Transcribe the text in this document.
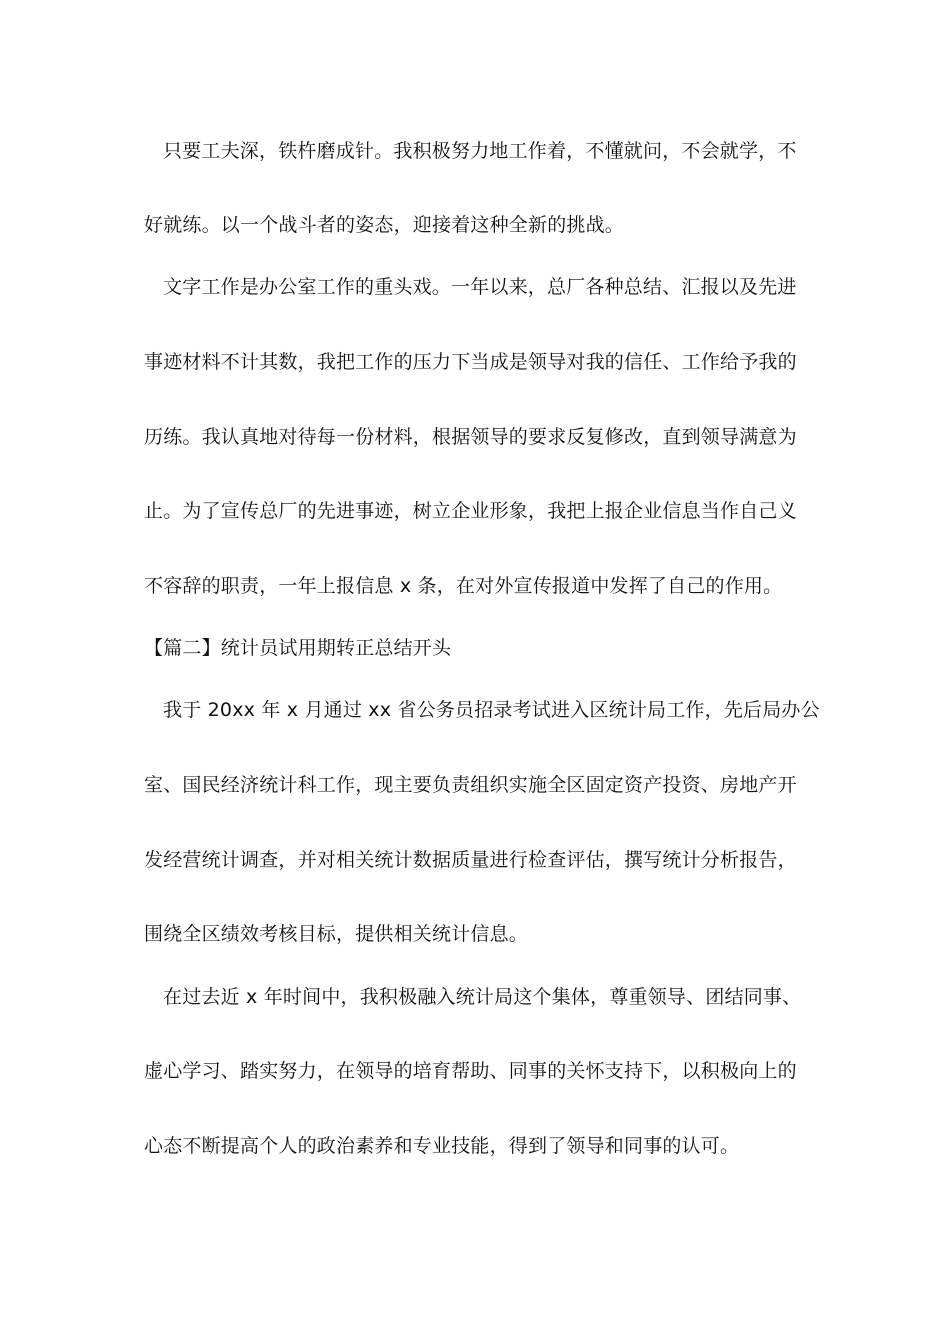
只要工夫深，铁杵磨成针。我积极努力地工作着，不懂就问，不会就学，不
好就练。以一个战斗者的姿态，迎接着这种全新的挑战。
文字工作是办公室工作的重头戏。一年以来，总厂各种总结、汇报以及先进
事迹材料不计其数，我把工作的压力下当成是领导对我的信任、工作给予我的
历练。我认真地对待每一份材料，根据领导的要求反复修改，直到领导满意为
止。为了宣传总厂的先进事迹，树立企业形象，我把上报企业信息当作自己义
不容辞的职责，一年上报信息 x 条，在对外宣传报道中发挥了自己的作用。
【篇二】统计员试用期转正总结开头
我于 20xx 年 x 月通过 xx 省公务员招录考试进入区统计局工作，先后局办公
室、国民经济统计科工作，现主要负责组织实施全区固定资产投资、房地产开
发经营统计调查，并对相关统计数据质量进行检查评估，撰写统计分析报告，
围绕全区绩效考核目标，提供相关统计信息。
在过去近 x 年时间中，我积极融入统计局这个集体，尊重领导、团结同事、
虚心学习、踏实努力，在领导的培育帮助、同事的关怀支持下，以积极向上的
心态不断提高个人的政治素养和专业技能，得到了领导和同事的认可。
